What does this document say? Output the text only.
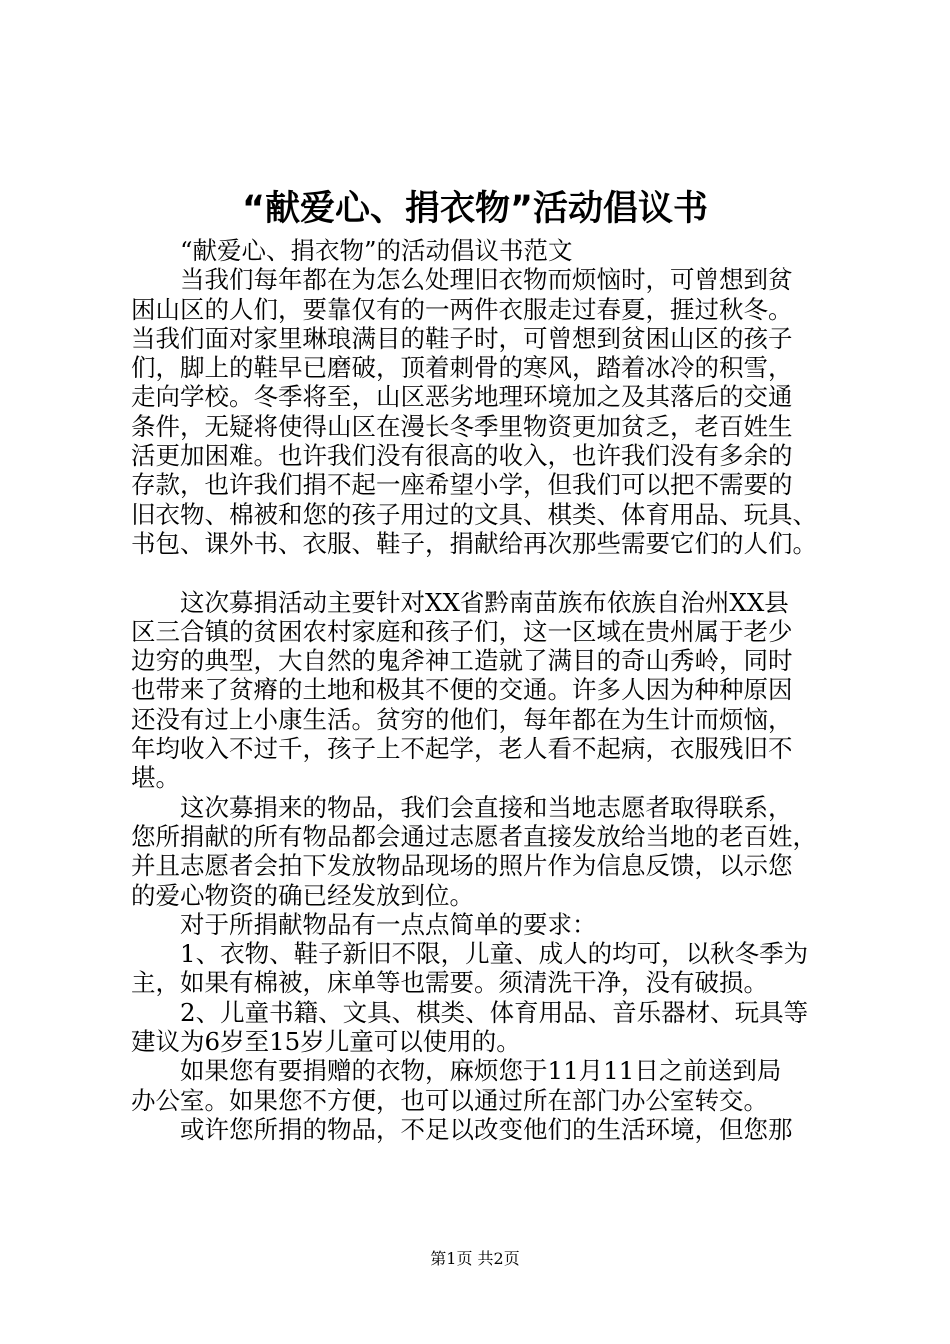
“献爱心、捐衣物”活动倡议书
　　“献爱心、捐衣物”的活动倡议书范文
　　当我们每年都在为怎么处理旧衣物而烦恼时，可曾想到贫
困山区的人们，要靠仅有的一两件衣服走过春夏，捱过秋冬。
当我们面对家里琳琅满目的鞋子时，可曾想到贫困山区的孩子
们，脚上的鞋早已磨破，顶着刺骨的寒风，踏着冰冷的积雪，
走向学校。冬季将至，山区恶劣地理环境加之及其落后的交通
条件，无疑将使得山区在漫长冬季里物资更加贫乏，老百姓生
活更加困难。也许我们没有很高的收入，也许我们没有多余的
存款，也许我们捐不起一座希望小学，但我们可以把不需要的
旧衣物、棉被和您的孩子用过的文具、棋类、体育用品、玩具、
书包、课外书、衣服、鞋子，捐献给再次那些需要它们的人们。
　　这次募捐活动主要针对XX省黔南苗族布依族自治州XX县
区三合镇的贫困农村家庭和孩子们，这一区域在贵州属于老少
边穷的典型，大自然的鬼斧神工造就了满目的奇山秀岭，同时
也带来了贫瘠的土地和极其不便的交通。许多人因为种种原因
还没有过上小康生活。贫穷的他们，每年都在为生计而烦恼，
年均收入不过千，孩子上不起学，老人看不起病，衣服残旧不
堪。
　　这次募捐来的物品，我们会直接和当地志愿者取得联系，
您所捐献的所有物品都会通过志愿者直接发放给当地的老百姓，
并且志愿者会拍下发放物品现场的照片作为信息反馈，以示您
的爱心物资的确已经发放到位。
　　对于所捐献物品有一点点简单的要求：
　　1、衣物、鞋子新旧不限，儿童、成人的均可，以秋冬季为
主，如果有棉被，床单等也需要。须清洗干净，没有破损。
　　2、儿童书籍、文具、棋类、体育用品、音乐器材、玩具等
建议为6岁至15岁儿童可以使用的。
　　如果您有要捐赠的衣物，麻烦您于11月11日之前送到局
办公室。如果您不方便，也可以通过所在部门办公室转交。
　　或许您所捐的物品，不足以改变他们的生活环境，但您那
第1页 共2页
